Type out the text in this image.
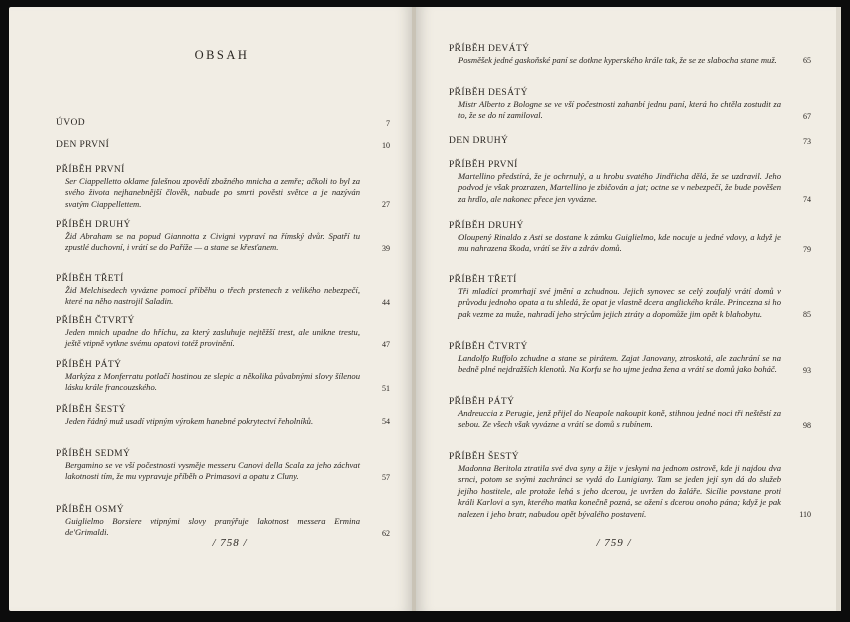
OBSAH
ÚVOD	7
DEN PRVNÍ	10
PŘÍBĚH PRVNÍ
Ser Ciappelletto oklame falešnou zpovědí zbožného mnicha a zemře; ačkoli to byl za svého života nejhanebnější člověk, nabude po smrti pověsti světce a je nazýván svatým Ciappellettem.	27
PŘÍBĚH DRUHÝ
Žid Abraham se na popud Giannotta z Civigni vypraví na římský dvůr. Spatří tu zpustlé duchovní, i vrátí se do Paříže — a stane se křesťanem.	39
PŘÍBĚH TŘETÍ
Žid Melchisedech vyvázne pomocí příběhu o třech prstenech z velikého nebezpečí, které na něho nastrojil Saladin.	44
PŘÍBĚH ČTVRTÝ
Jeden mnich upadne do hříchu, za který zasluhuje nejtěžší trest, ale unikne trestu, ještě vtipně vytkne svému opatovi totéž provinění.	47
PŘÍBĚH PÁTÝ
Markýza z Monferratu potlačí hostinou ze slepic a několika půvabnými slovy šílenou lásku krále francouzského.	51
PŘÍBĚH ŠESTÝ
Jeden řádný muž usadí vtipným výrokem hanebné pokrytectví řeholníků.	54
PŘÍBĚH SEDMÝ
Bergamino se ve vší počestnosti vysměje messeru Canovi della Scala za jeho záchvat lakotnosti tím, že mu vypravuje příběh o Primasovi a opatu z Cluny.	57
PŘÍBĚH OSMÝ
Guiglielmo Borsiere vtipnými slovy pranýřuje lakotnost messera Ermina de'Grimaldi.	62
/ 758 /
PŘÍBĚH DEVÁTÝ
Posměšek jedné gaskoňské paní se dotkne kyperského krále tak, že se ze slabocha stane muž.	65
PŘÍBĚH DESÁTÝ
Mistr Alberto z Bologne se ve vší počestnosti zahanbí jednu paní, která ho chtěla zostudit za to, že se do ní zamiloval.	67
DEN DRUHÝ	73
PŘÍBĚH PRVNÍ
Martellino předstírá, že je ochrnulý, a u hrobu svatého Jindřicha dělá, že se uzdravil. Jeho podvod je však prozrazen, Martellino je zbičován a jat; octne se v nebezpečí, že bude pověšen za hrdlo, ale nakonec přece jen vyvázne.	74
PŘÍBĚH DRUHÝ
Oloupený Rinaldo z Asti se dostane k zámku Guiglielmo, kde nocuje u jedné vdovy, a když je mu nahrazena škoda, vrátí se živ a zdráv domů.	79
PŘÍBĚH TŘETÍ
Tři mladíci promrhají své jmění a zchudnou. Jejich synovec se celý zoufalý vrátí domů v průvodu jednoho opata a tu shledá, že opat je vlastně dcera anglického krále. Princezna si ho pak vezme za muže, nahradí jeho strýcům jejich ztráty a dopomůže jim opět k blahobytu.	85
PŘÍBĚH ČTVRTÝ
Landolfo Ruffolo zchudne a stane se pirátem. Zajat Janovany, ztroskotá, ale zachrání se na bedně plné nejdražších klenotů. Na Korfu se ho ujme jedna žena a vrátí se domů jako boháč.	93
PŘÍBĚH PÁTÝ
Andreuccia z Perugie, jenž přijel do Neapole nakoupit koně, stihnou jedné noci tři neštěstí za sebou. Ze všech však vyvázne a vrátí se domů s rubínem.	98
PŘÍBĚH ŠESTÝ
Madonna Beritola ztratila své dva syny a žije v jeskyni na jednom ostrově, kde ji najdou dva srnci, potom se svými zachránci se vydá do Lunigiany. Tam se jeden její syn dá do služeb jejího hostitele, ale protože lehá s jeho dcerou, je uvržen do žaláře. Sicílie povstane proti králi Karlovi a syn, kterého matka konečně pozná, se ožení s dcerou onoho pána; když je pak nalezen i jeho bratr, nabudou opět bývalého postavení.	110
/ 759 /
